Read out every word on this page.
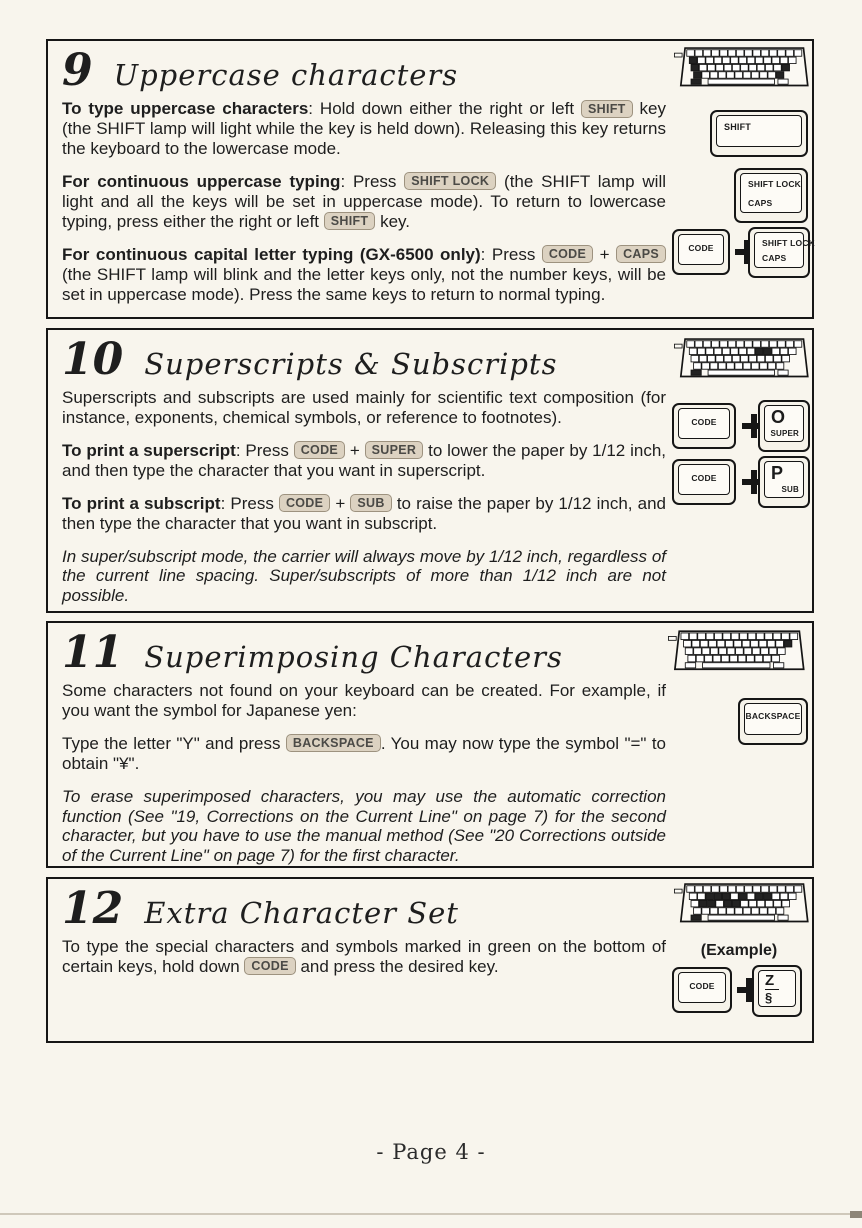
9 Uppercase characters

To type uppercase characters: Hold down either the right or left SHIFT key (the SHIFT lamp will light while the key is held down). Releasing this key returns the keyboard to the lowercase mode.

For continuous uppercase typing: Press SHIFT LOCK (the SHIFT lamp will light and all the keys will be set in uppercase mode). To return to lowercase typing, press either the right or left SHIFT key.

For continuous capital letter typing (GX-6500 only): Press CODE + CAPS (the SHIFT lamp will blink and the letter keys only, not the number keys, will be set in uppercase mode). Press the same keys to return to normal typing.

SHIFT
SHIFT LOCK
CAPS
CODE	SHIFT LOCK
CAPS
10 Superscripts & Subscripts

Superscripts and subscripts are used mainly for scientific text composition (for instance, exponents, chemical symbols, or reference to footnotes).

To print a superscript: Press CODE + SUPER to lower the paper by 1/12 inch, and then type the character that you want in superscript.

To print a subscript: Press CODE + SUB to raise the paper by 1/12 inch, and then type the character that you want in subscript.

In super/subscript mode, the carrier will always move by 1/12 inch, regardless of the current line spacing. Super/subscripts of more than 1/12 inch are not possible.

CODE	O
SUPER
CODE	P
SUB
11 Superimposing Characters

Some characters not found on your keyboard can be created. For example, if you want the symbol for Japanese yen:

Type the letter "Y" and press BACKSPACE . You may now type the symbol "=" to obtain "¥".

To erase superimposed characters, you may use the automatic correction function (See "19, Corrections on the Current Line" on page 7) for the second character, but you have to use the manual method (See "20 Corrections outside of the Current Line" on page 7) for the first character.

BACKSPACE
12 Extra Character Set

To type the special characters and symbols marked in green on the bottom of certain keys, hold down CODE and press the desired key.

(Example)
CODE	Z
§
- Page 4 -
